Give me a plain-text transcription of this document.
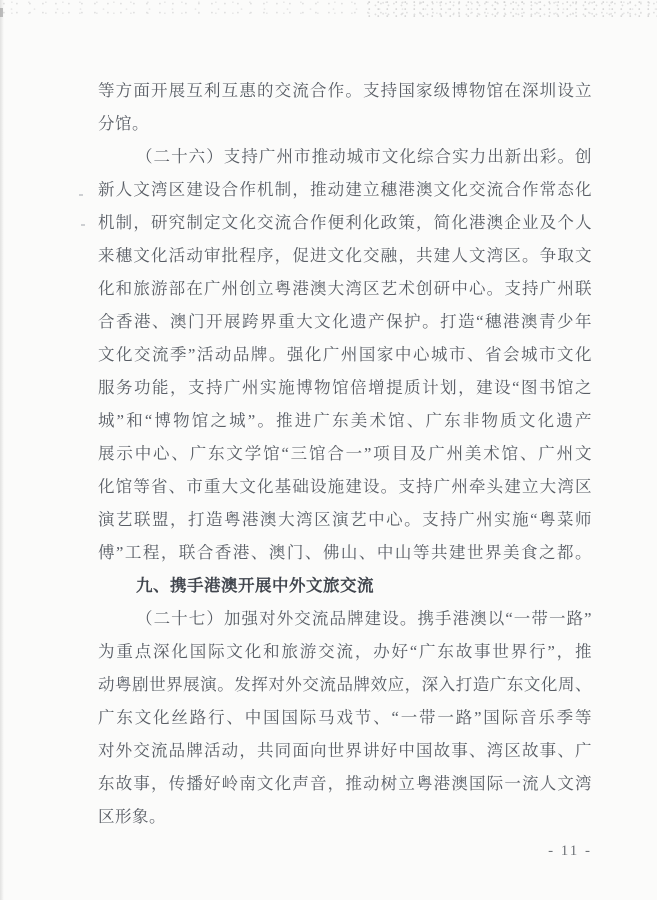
等方面开展互利互惠的交流合作。支持国家级博物馆在深圳设立
分馆。
（二十六）支持广州市推动城市文化综合实力出新出彩。创
新人文湾区建设合作机制，推动建立穗港澳文化交流合作常态化
机制，研究制定文化交流合作便利化政策，简化港澳企业及个人
来穗文化活动审批程序，促进文化交融，共建人文湾区。争取文
化和旅游部在广州创立粤港澳大湾区艺术创研中心。支持广州联
合香港、澳门开展跨界重大文化遗产保护。打造“穗港澳青少年
文化交流季”活动品牌。强化广州国家中心城市、省会城市文化
服务功能，支持广州实施博物馆倍增提质计划，建设“图书馆之
城”和“博物馆之城”。推进广东美术馆、广东非物质文化遗产
展示中心、广东文学馆“三馆合一”项目及广州美术馆、广州文
化馆等省、市重大文化基础设施建设。支持广州牵头建立大湾区
演艺联盟，打造粤港澳大湾区演艺中心。支持广州实施“粤菜师
傅”工程，联合香港、澳门、佛山、中山等共建世界美食之都。
九、携手港澳开展中外文旅交流
（二十七）加强对外交流品牌建设。携手港澳以“一带一路”
为重点深化国际文化和旅游交流，办好“广东故事世界行”，推
动粤剧世界展演。发挥对外交流品牌效应，深入打造广东文化周、
广东文化丝路行、中国国际马戏节、“一带一路”国际音乐季等
对外交流品牌活动，共同面向世界讲好中国故事、湾区故事、广
东故事，传播好岭南文化声音，推动树立粤港澳国际一流人文湾
区形象。
- 11 -
